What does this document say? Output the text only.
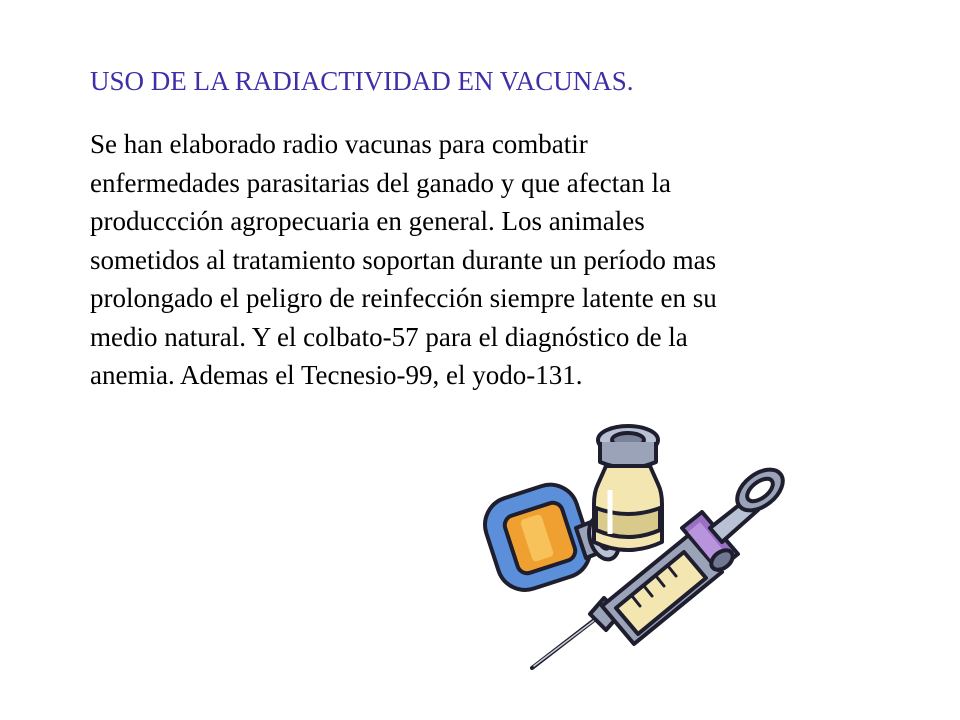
USO DE LA RADIACTIVIDAD EN VACUNAS.
Se han elaborado radio vacunas para combatir
enfermedades parasitarias del ganado y que afectan la
produccción agropecuaria en general. Los animales
sometidos al tratamiento soportan durante un período mas
prolongado el peligro de reinfección siempre latente en su
medio natural. Y el colbato-57 para el diagnóstico de la
anemia. Ademas el Tecnesio-99, el yodo-131.
